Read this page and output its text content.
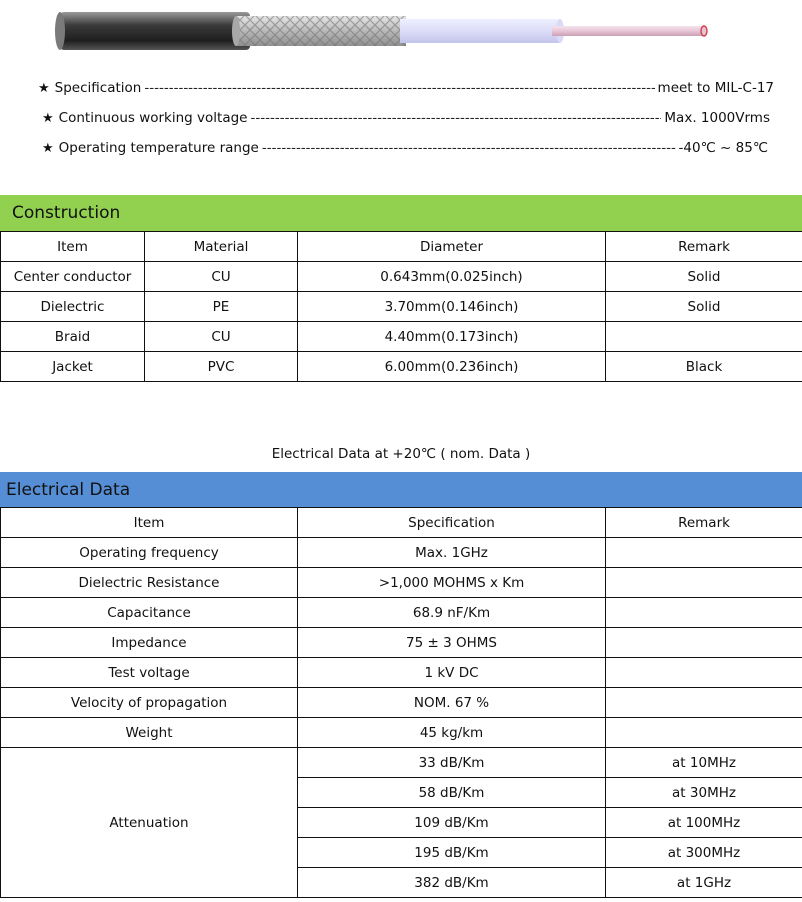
★ Specification -----	meet to MIL-C-17
★ Continuous working voltage -----	Max. 1000Vrms
★ Operating temperature range -----	-40℃ ~ 85℃
Construction
Item	Material	Diameter	Remark
Center conductor	CU	0.643mm(0.025inch)	Solid
Dielectric	PE	3.70mm(0.146inch)	Solid
Braid	CU	4.40mm(0.173inch)	
Jacket	PVC	6.00mm(0.236inch)	Black
Electrical Data at +20℃ ( nom. Data )
Electrical Data
Item	Specification	Remark
Operating frequency	Max. 1GHz	
Dielectric Resistance	>1,000 MOHMS x Km	
Capacitance	68.9 nF/Km	
Impedance	75 ± 3 OHMS	
Test voltage	1 kV DC	
Velocity of propagation	NOM. 67 %	
Weight	45 kg/km	
Attenuation	33 dB/Km	at 10MHz
	58 dB/Km	at 30MHz
	109 dB/Km	at 100MHz
	195 dB/Km	at 300MHz
	382 dB/Km	at 1GHz
